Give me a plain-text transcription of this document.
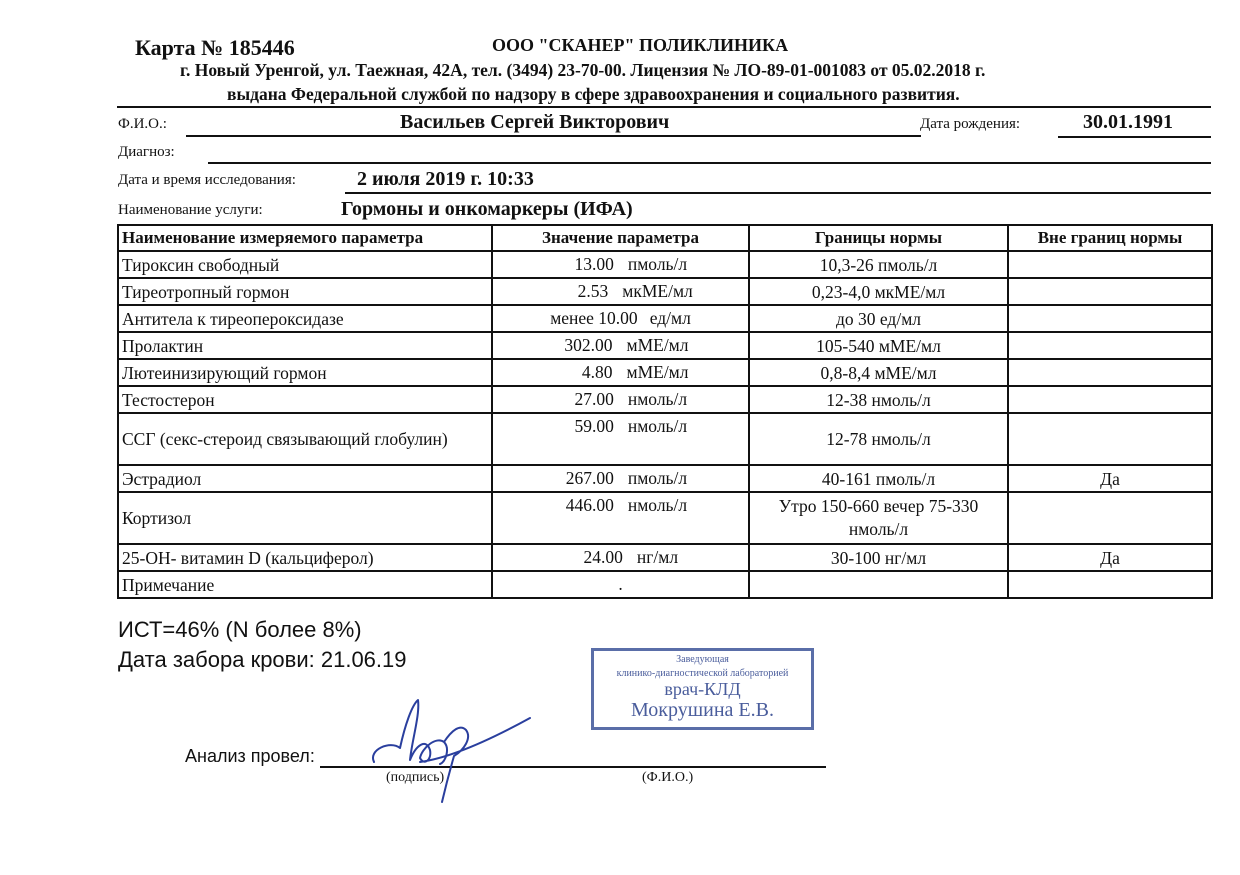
Карта № 185446	ООО "СКАНЕР" ПОЛИКЛИНИКА
г. Новый Уренгой, ул. Таежная, 42А, тел. (3494) 23-70-00. Лицензия № ЛО-89-01-001083 от 05.02.2018 г.
выдана Федеральной службой по надзору в сфере здравоохранения и социального развития.
Ф.И.О.:	Васильев Сергей Викторович	Дата рождения:	30.01.1991
Диагноз:
Дата и время исследования:	2 июля 2019 г. 10:33
Наименование услуги:	Гормоны и онкомаркеры (ИФА)
Наименование измеряемого параметра	Значение параметра	Границы нормы	Вне границ нормы
Тироксин свободный	13.00 пмоль/л	10,3-26 пмоль/л	
Тиреотропный гормон	2.53 мкМЕ/мл	0,23-4,0 мкМЕ/мл	
Антитела к тиреопероксидазе	менее 10.00 ед/мл	до 30 ед/мл	
Пролактин	302.00 мМЕ/мл	105-540 мМЕ/мл	
Лютеинизирующий гормон	4.80 мМЕ/мл	0,8-8,4 мМЕ/мл	
Тестостерон	27.00 нмоль/л	12-38 нмоль/л	
ССГ (секс-стероид связывающий глобулин)	59.00 нмоль/л	12-78 нмоль/л	
Эстрадиол	267.00 пмоль/л	40-161 пмоль/л	Да
Кортизол	446.00 нмоль/л	Утро 150-660 вечер 75-330 нмоль/л	
25-ОН- витамин D (кальциферол)	24.00 нг/мл	30-100 нг/мл	Да
Примечание	.		
ИСТ=46% (N более 8%)
Дата забора крови: 21.06.19	Заведующая
клинико-диагностической лабораторией
врач-КЛД
Мокрушина Е.В.
Анализ провел:
(подпись)	(Ф.И.О.)
